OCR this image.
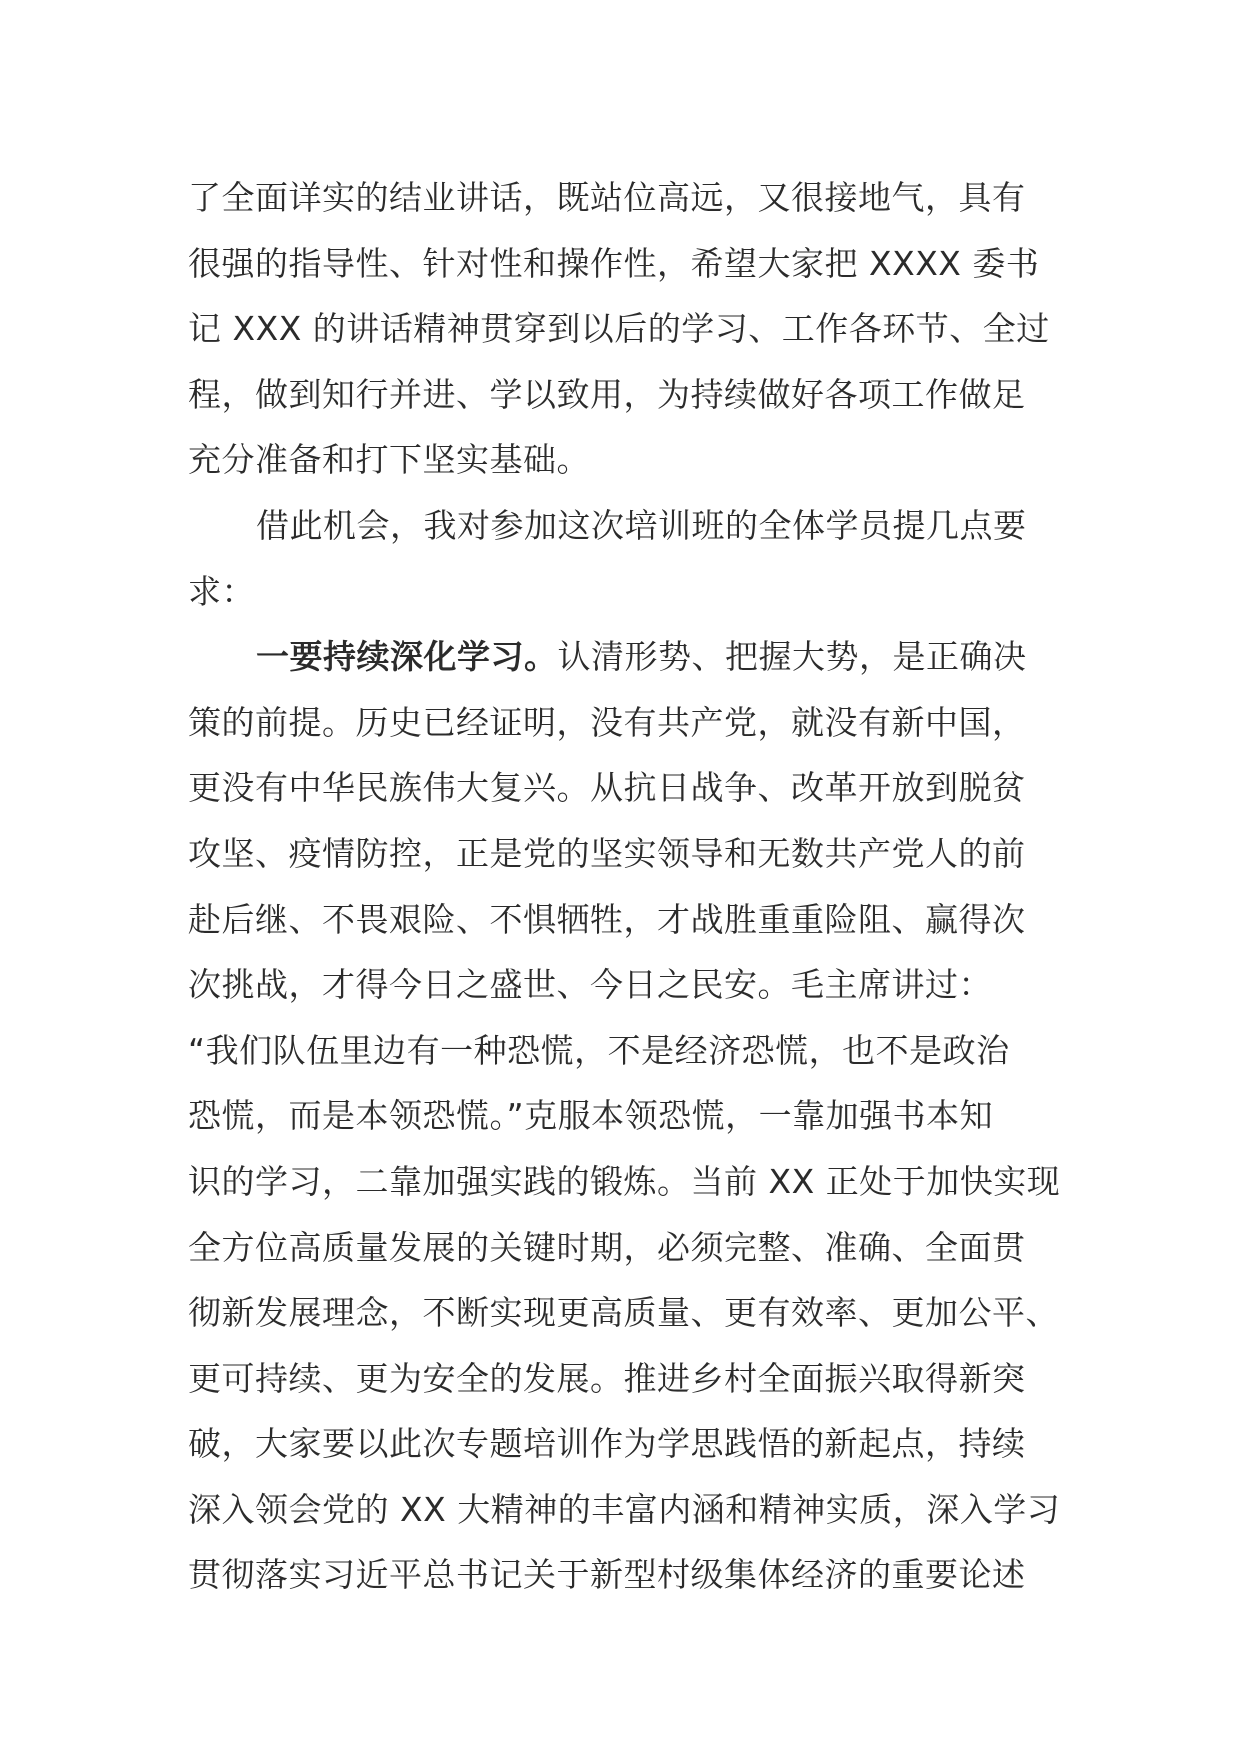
了全面详实的结业讲话，既站位高远，又很接地气，具有
很强的指导性、针对性和操作性，希望大家把 XXXX 委书
记 XXX 的讲话精神贯穿到以后的学习、工作各环节、全过
程，做到知行并进、学以致用，为持续做好各项工作做足
充分准备和打下坚实基础。
借此机会，我对参加这次培训班的全体学员提几点要
求：
一要持续深化学习。认清形势、把握大势，是正确决
策的前提。历史已经证明，没有共产党，就没有新中国，
更没有中华民族伟大复兴。从抗日战争、改革开放到脱贫
攻坚、疫情防控，正是党的坚实领导和无数共产党人的前
赴后继、不畏艰险、不惧牺牲，才战胜重重险阻、赢得次
次挑战，才得今日之盛世、今日之民安。毛主席讲过：
“我们队伍里边有一种恐慌，不是经济恐慌，也不是政治
恐慌，而是本领恐慌。”克服本领恐慌，一靠加强书本知
识的学习，二靠加强实践的锻炼。当前 XX 正处于加快实现
全方位高质量发展的关键时期，必须完整、准确、全面贯
彻新发展理念，不断实现更高质量、更有效率、更加公平、
更可持续、更为安全的发展。推进乡村全面振兴取得新突
破，大家要以此次专题培训作为学思践悟的新起点，持续
深入领会党的 XX 大精神的丰富内涵和精神实质，深入学习
贯彻落实习近平总书记关于新型村级集体经济的重要论述
